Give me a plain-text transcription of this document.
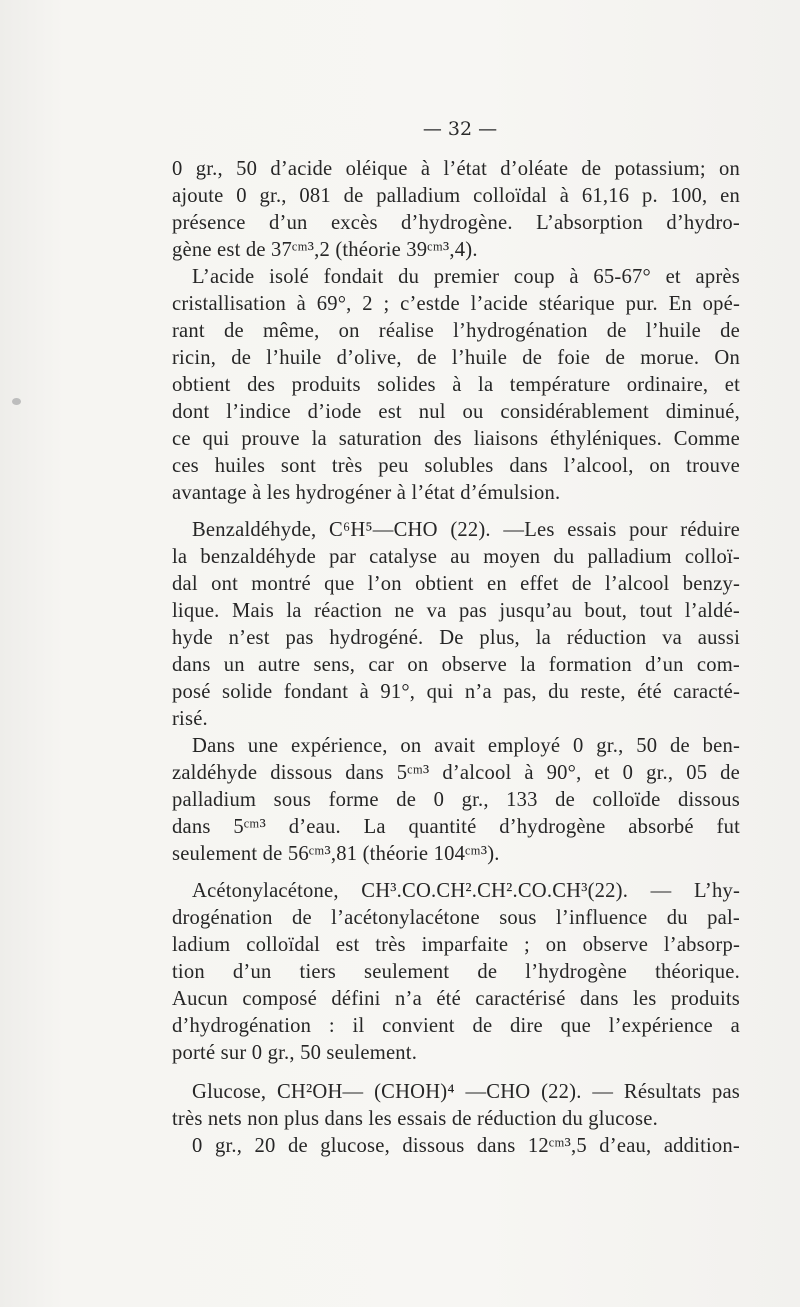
— 32 —

0 gr., 50 d’acide oléique à l’état d’oléate de potassium; on
ajoute 0 gr., 081 de palladium colloïdal à 61,16 p. 100, en
présence d’un excès d’hydrogène. L’absorption d’hydro-
gène est de 37ᶜᵐ³,2 (théorie 39ᶜᵐ³,4).

L’acide isolé fondait du premier coup à 65-67° et après
cristallisation à 69°, 2 ; c’estde l’acide stéarique pur. En opé-
rant de même, on réalise l’hydrogénation de l’huile de
ricin, de l’huile d’olive, de l’huile de foie de morue. On
obtient des produits solides à la température ordinaire, et
dont l’indice d’iode est nul ou considérablement diminué,
ce qui prouve la saturation des liaisons éthyléniques. Comme
ces huiles sont très peu solubles dans l’alcool, on trouve
avantage à les hydrogéner à l’état d’émulsion.

Benzaldéhyde, C⁶H⁵—CHO (22). —Les essais pour réduire
la benzaldéhyde par catalyse au moyen du palladium colloï-
dal ont montré que l’on obtient en effet de l’alcool benzy-
lique. Mais la réaction ne va pas jusqu’au bout, tout l’aldé-
hyde n’est pas hydrogéné. De plus, la réduction va aussi
dans un autre sens, car on observe la formation d’un com-
posé solide fondant à 91°, qui n’a pas, du reste, été caracté-
risé.

Dans une expérience, on avait employé 0 gr., 50 de ben-
zaldéhyde dissous dans 5ᶜᵐ³ d’alcool à 90°, et 0 gr., 05 de
palladium sous forme de 0 gr., 133 de colloïde dissous
dans 5ᶜᵐ³ d’eau. La quantité d’hydrogène absorbé fut
seulement de 56ᶜᵐ³,81 (théorie 104ᶜᵐ³).

Acétonylacétone, CH³.CO.CH².CH².CO.CH³(22). — L’hy-
drogénation de l’acétonylacétone sous l’influence du pal-
ladium colloïdal est très imparfaite ; on observe l’absorp-
tion d’un tiers seulement de l’hydrogène théorique.
Aucun composé défini n’a été caractérisé dans les produits
d’hydrogénation : il convient de dire que l’expérience a
porté sur 0 gr., 50 seulement.

Glucose, CH²OH— (CHOH)⁴ —CHO (22). — Résultats pas
très nets non plus dans les essais de réduction du glucose.

0 gr., 20 de glucose, dissous dans 12ᶜᵐ³,5 d’eau, addition-
